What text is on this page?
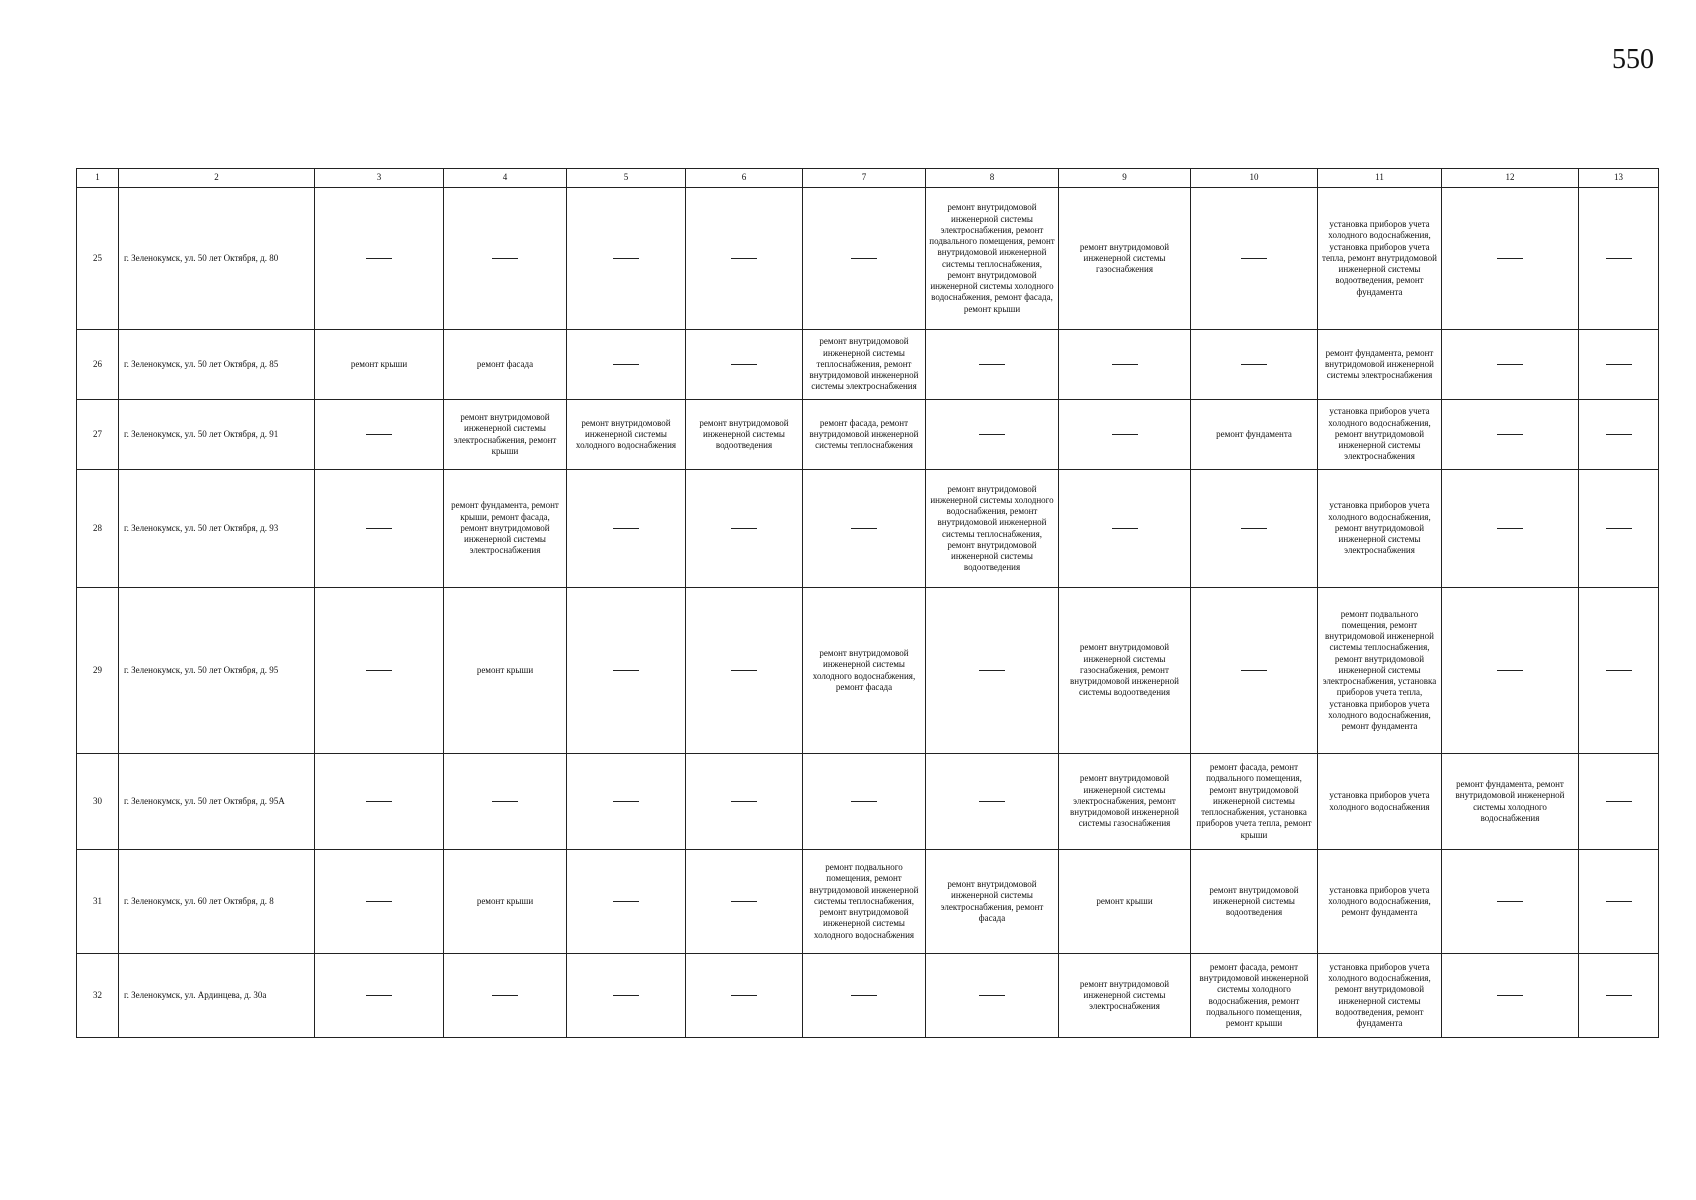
550
1	2	3	4	5	6	7	8	9	10	11	12	13
25	г. Зеленокумск, ул. 50 лет Октября, д. 80						ремонт внутридомовой инженерной системы электроснабжения, ремонт подвального помещения, ремонт внутридомовой инженерной системы теплоснабжения, ремонт внутридомовой инженерной системы холодного водоснабжения, ремонт фасада, ремонт крыши	ремонт внутридомовой инженерной системы газоснабжения		установка приборов учета холодного водоснабжения, установка приборов учета тепла, ремонт внутридомовой инженерной системы водоотведения, ремонт фундамента		
26	г. Зеленокумск, ул. 50 лет Октября, д. 85	ремонт крыши	ремонт фасада			ремонт внутридомовой инженерной системы теплоснабжения, ремонт внутридомовой инженерной системы электроснабжения				ремонт фундамента, ремонт внутридомовой инженерной системы электроснабжения		
27	г. Зеленокумск, ул. 50 лет Октября, д. 91		ремонт внутридомовой инженерной системы электроснабжения, ремонт крыши	ремонт внутридомовой инженерной системы холодного водоснабжения	ремонт внутридомовой инженерной системы водоотведения	ремонт фасада, ремонт внутридомовой инженерной системы теплоснабжения			ремонт фундамента	установка приборов учета холодного водоснабжения, ремонт внутридомовой инженерной системы электроснабжения		
28	г. Зеленокумск, ул. 50 лет Октября, д. 93		ремонт фундамента, ремонт крыши, ремонт фасада, ремонт внутридомовой инженерной системы электроснабжения				ремонт внутридомовой инженерной системы холодного водоснабжения, ремонт внутридомовой инженерной системы теплоснабжения, ремонт внутридомовой инженерной системы водоотведения			установка приборов учета холодного водоснабжения, ремонт внутридомовой инженерной системы электроснабжения		
29	г. Зеленокумск, ул. 50 лет Октября, д. 95		ремонт крыши			ремонт внутридомовой инженерной системы холодного водоснабжения, ремонт фасада		ремонт внутридомовой инженерной системы газоснабжения, ремонт внутридомовой инженерной системы водоотведения		ремонт подвального помещения, ремонт внутридомовой инженерной системы теплоснабжения, ремонт внутридомовой инженерной системы электроснабжения, установка приборов учета тепла, установка приборов учета холодного водоснабжения, ремонт фундамента		
30	г. Зеленокумск, ул. 50 лет Октября, д. 95А							ремонт внутридомовой инженерной системы электроснабжения, ремонт внутридомовой инженерной системы газоснабжения	ремонт фасада, ремонт подвального помещения, ремонт внутридомовой инженерной системы теплоснабжения, установка приборов учета тепла, ремонт крыши	установка приборов учета холодного водоснабжения	ремонт фундамента, ремонт внутридомовой инженерной системы холодного водоснабжения	
31	г. Зеленокумск, ул. 60 лет Октября, д. 8		ремонт крыши			ремонт подвального помещения, ремонт внутридомовой инженерной системы теплоснабжения, ремонт внутридомовой инженерной системы холодного водоснабжения	ремонт внутридомовой инженерной системы электроснабжения, ремонт фасада	ремонт крыши	ремонт внутридомовой инженерной системы водоотведения	установка приборов учета холодного водоснабжения, ремонт фундамента		
32	г. Зеленокумск, ул. Ардинцева, д. 30а							ремонт внутридомовой инженерной системы электроснабжения	ремонт фасада, ремонт внутридомовой инженерной системы холодного водоснабжения, ремонт подвального помещения, ремонт крыши	установка приборов учета холодного водоснабжения, ремонт внутридомовой инженерной системы водоотведения, ремонт фундамента		
